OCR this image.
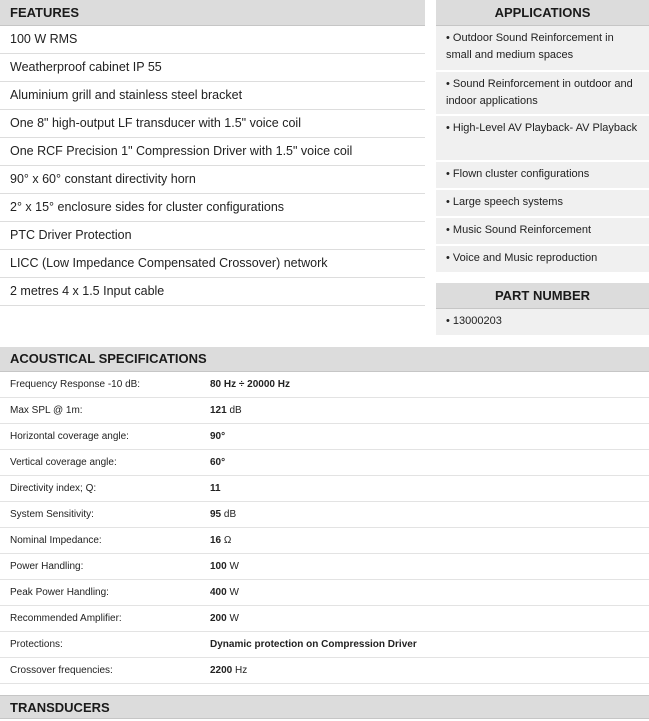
FEATURES
100 W RMS
Weatherproof cabinet IP 55
Aluminium grill and stainless steel bracket
One 8" high-output LF transducer with 1.5" voice coil
One RCF Precision 1" Compression Driver with 1.5" voice coil
90° x 60° constant directivity horn
2° x 15° enclosure sides for cluster configurations
PTC Driver Protection
LICC (Low Impedance Compensated Crossover) network
2 metres 4 x 1.5 Input cable
APPLICATIONS
• Outdoor Sound Reinforcement in small and medium spaces
• Sound Reinforcement in outdoor and indoor applications
• High-Level AV Playback- AV Playback
• Flown cluster configurations
• Large speech systems
• Music Sound Reinforcement
• Voice and Music reproduction
PART NUMBER
• 13000203
ACOUSTICAL SPECIFICATIONS
Frequency Response -10 dB:	80 Hz ÷ 20000 Hz
Max SPL @ 1m:	121 dB
Horizontal coverage angle:	90°
Vertical coverage angle:	60°
Directivity index; Q:	11
System Sensitivity:	95 dB
Nominal Impedance:	16 Ω
Power Handling:	100 W
Peak Power Handling:	400 W
Recommended Amplifier:	200 W
Protections:	Dynamic protection on Compression Driver
Crossover frequencies:	2200 Hz
TRANSDUCERS
